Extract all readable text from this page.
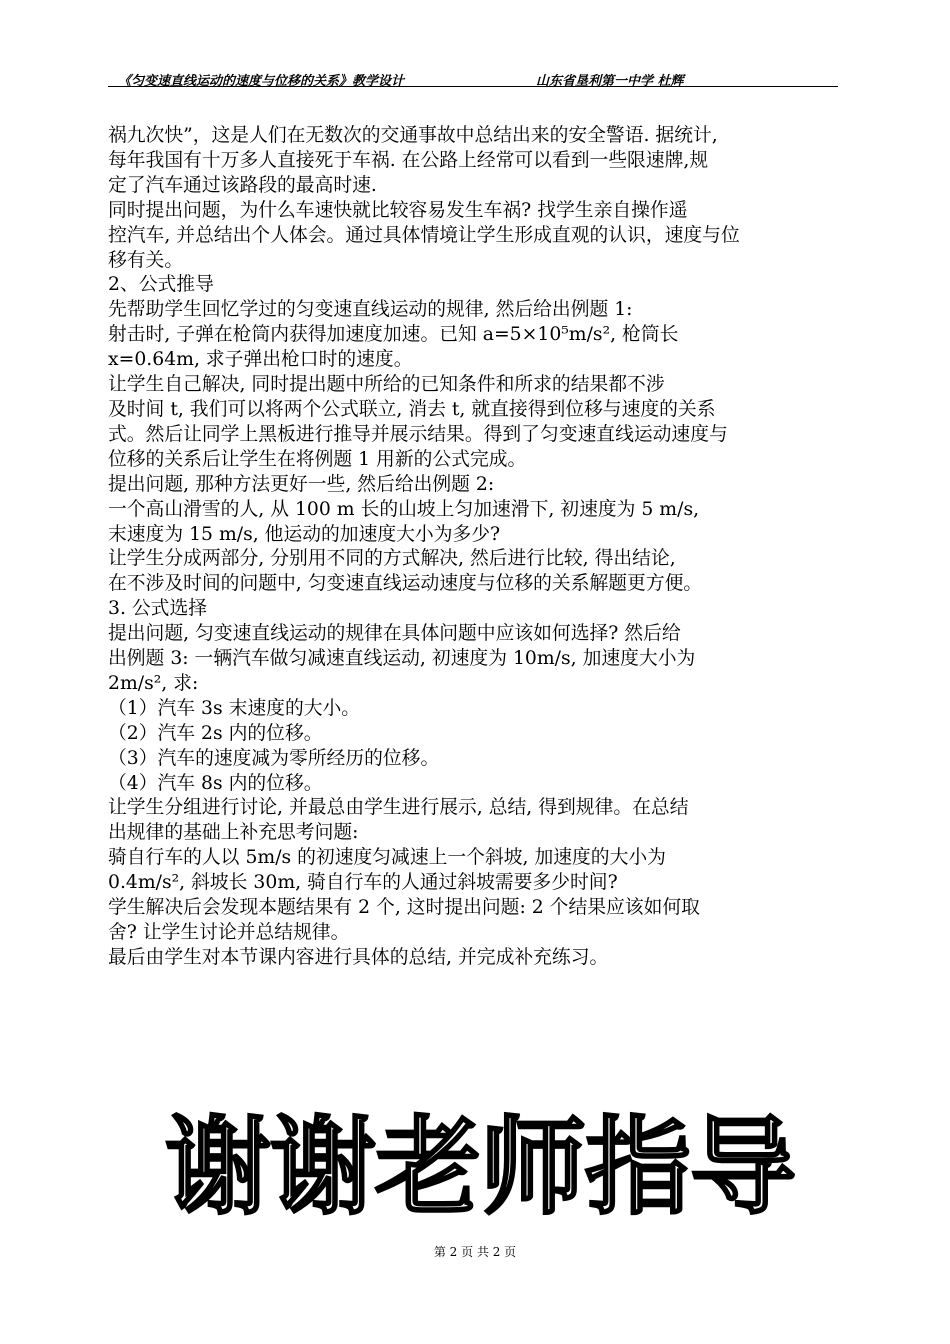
《匀变速直线运动的速度与位移的关系》教学设计	山东省垦利第一中学 杜辉

祸九次快”，这是人们在无数次的交通事故中总结出来的安全警语. 据统计,

每年我国有十万多人直接死于车祸. 在公路上经常可以看到一些限速牌,规

定了汽车通过该路段的最高时速.

同时提出问题，为什么车速快就比较容易发生车祸? 找学生亲自操作遥

控汽车, 并总结出个人体会。通过具体情境让学生形成直观的认识，速度与位

移有关。

2、公式推导

先帮助学生回忆学过的匀变速直线运动的规律, 然后给出例题 1:

射击时, 子弹在枪筒内获得加速度加速。已知 a=5×10⁵m/s², 枪筒长

x=0.64m, 求子弹出枪口时的速度。

让学生自己解决, 同时提出题中所给的已知条件和所求的结果都不涉

及时间 t, 我们可以将两个公式联立, 消去 t, 就直接得到位移与速度的关系

式。然后让同学上黑板进行推导并展示结果。得到了匀变速直线运动速度与

位移的关系后让学生在将例题 1 用新的公式完成。

提出问题, 那种方法更好一些, 然后给出例题 2:

一个高山滑雪的人, 从 100 m 长的山坡上匀加速滑下, 初速度为 5 m/s,

末速度为 15 m/s, 他运动的加速度大小为多少?

让学生分成两部分, 分别用不同的方式解决, 然后进行比较, 得出结论,

在不涉及时间的问题中, 匀变速直线运动速度与位移的关系解题更方便。

3. 公式选择

提出问题, 匀变速直线运动的规律在具体问题中应该如何选择? 然后给

出例题 3: 一辆汽车做匀减速直线运动, 初速度为 10m/s, 加速度大小为

2m/s², 求:

（1）汽车 3s 末速度的大小。

（2）汽车 2s 内的位移。

（3）汽车的速度减为零所经历的位移。

（4）汽车 8s 内的位移。

让学生分组进行讨论, 并最总由学生进行展示, 总结, 得到规律。在总结

出规律的基础上补充思考问题:

骑自行车的人以 5m/s 的初速度匀减速上一个斜坡, 加速度的大小为

0.4m/s², 斜坡长 30m, 骑自行车的人通过斜坡需要多少时间?

学生解决后会发现本题结果有 2 个, 这时提出问题: 2 个结果应该如何取

舍? 让学生讨论并总结规律。

最后由学生对本节课内容进行具体的总结, 并完成补充练习。

谢谢老师指导
第 2 页 共 2 页
